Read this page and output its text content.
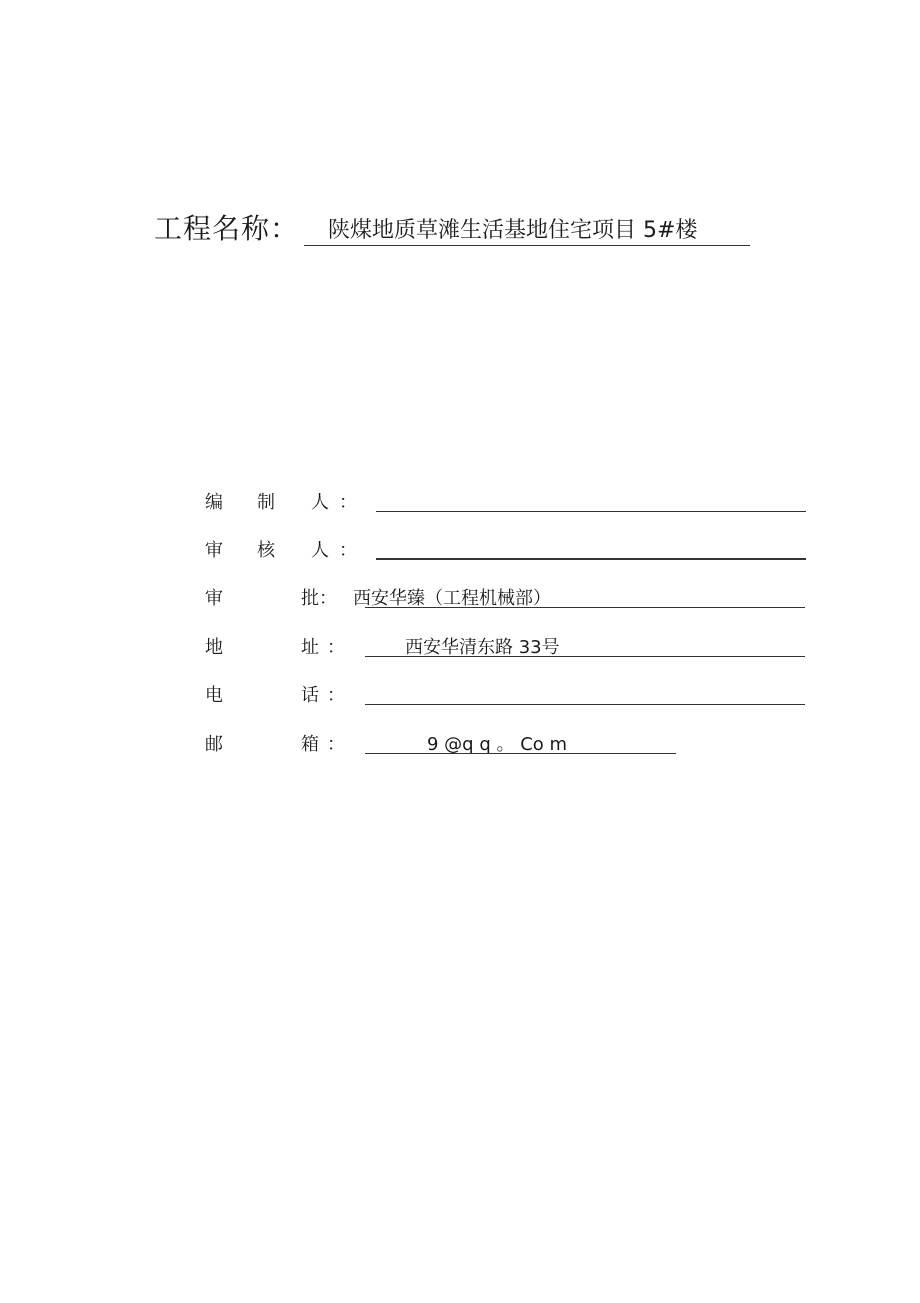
工程名称： 陕煤地质草滩生活基地住宅项目 5#楼
编 制 人 ：
审 核 人 ：
审	批： 西安华臻（工程机械部）
地	址 ：	西安华清东路 33号
电	话 ：
邮	箱 ：	9 @q q 。 Co m
